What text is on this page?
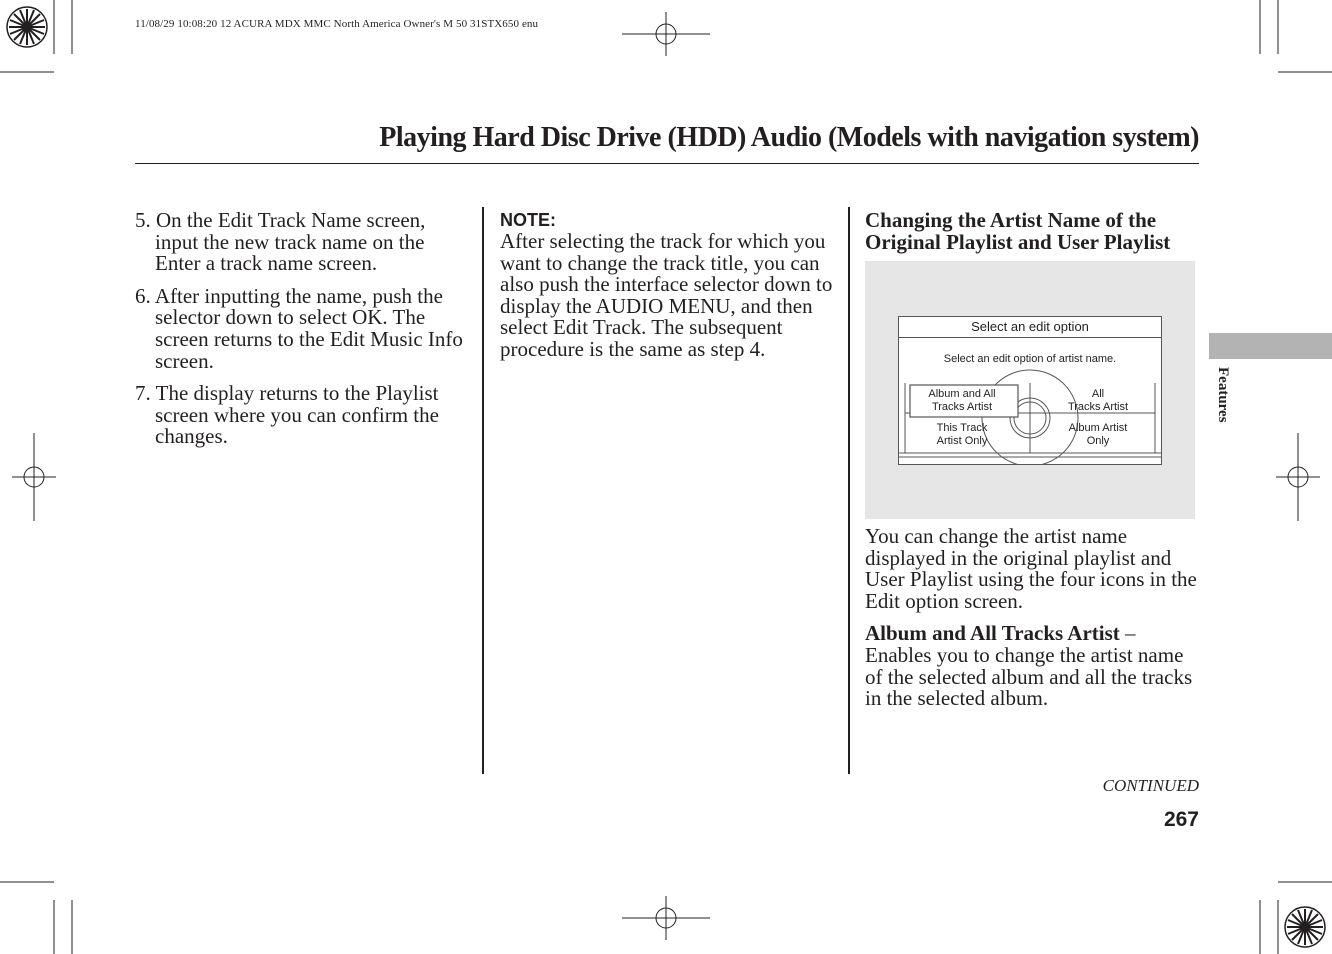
11/08/29 10:08:20 12 ACURA MDX MMC North America Owner's M 50 31STX650 enu
Playing Hard Disc Drive (HDD) Audio (Models with navigation system)

5. On the Edit Track Name screen, input the new track name on the Enter a track name screen.

6. After inputting the name, push the selector down to select OK. The screen returns to the Edit Music Info screen.

7. The display returns to the Playlist screen where you can confirm the changes.

NOTE:

After selecting the track for which you want to change the track title, you can also push the interface selector down to display the AUDIO MENU, and then select Edit Track. The subsequent procedure is the same as step 4.

Changing the Artist Name of the Original Playlist and User Playlist

Select an edit option
Select an edit option of artist name.
Album and All
Tracks Artist
All
Tracks Artist
This Track
Artist Only
Album Artist
Only

You can change the artist name displayed in the original playlist and User Playlist using the four icons in the Edit option screen.

Album and All Tracks Artist – Enables you to change the artist name of the selected album and all the tracks in the selected album.

CONTINUED
267
Features
